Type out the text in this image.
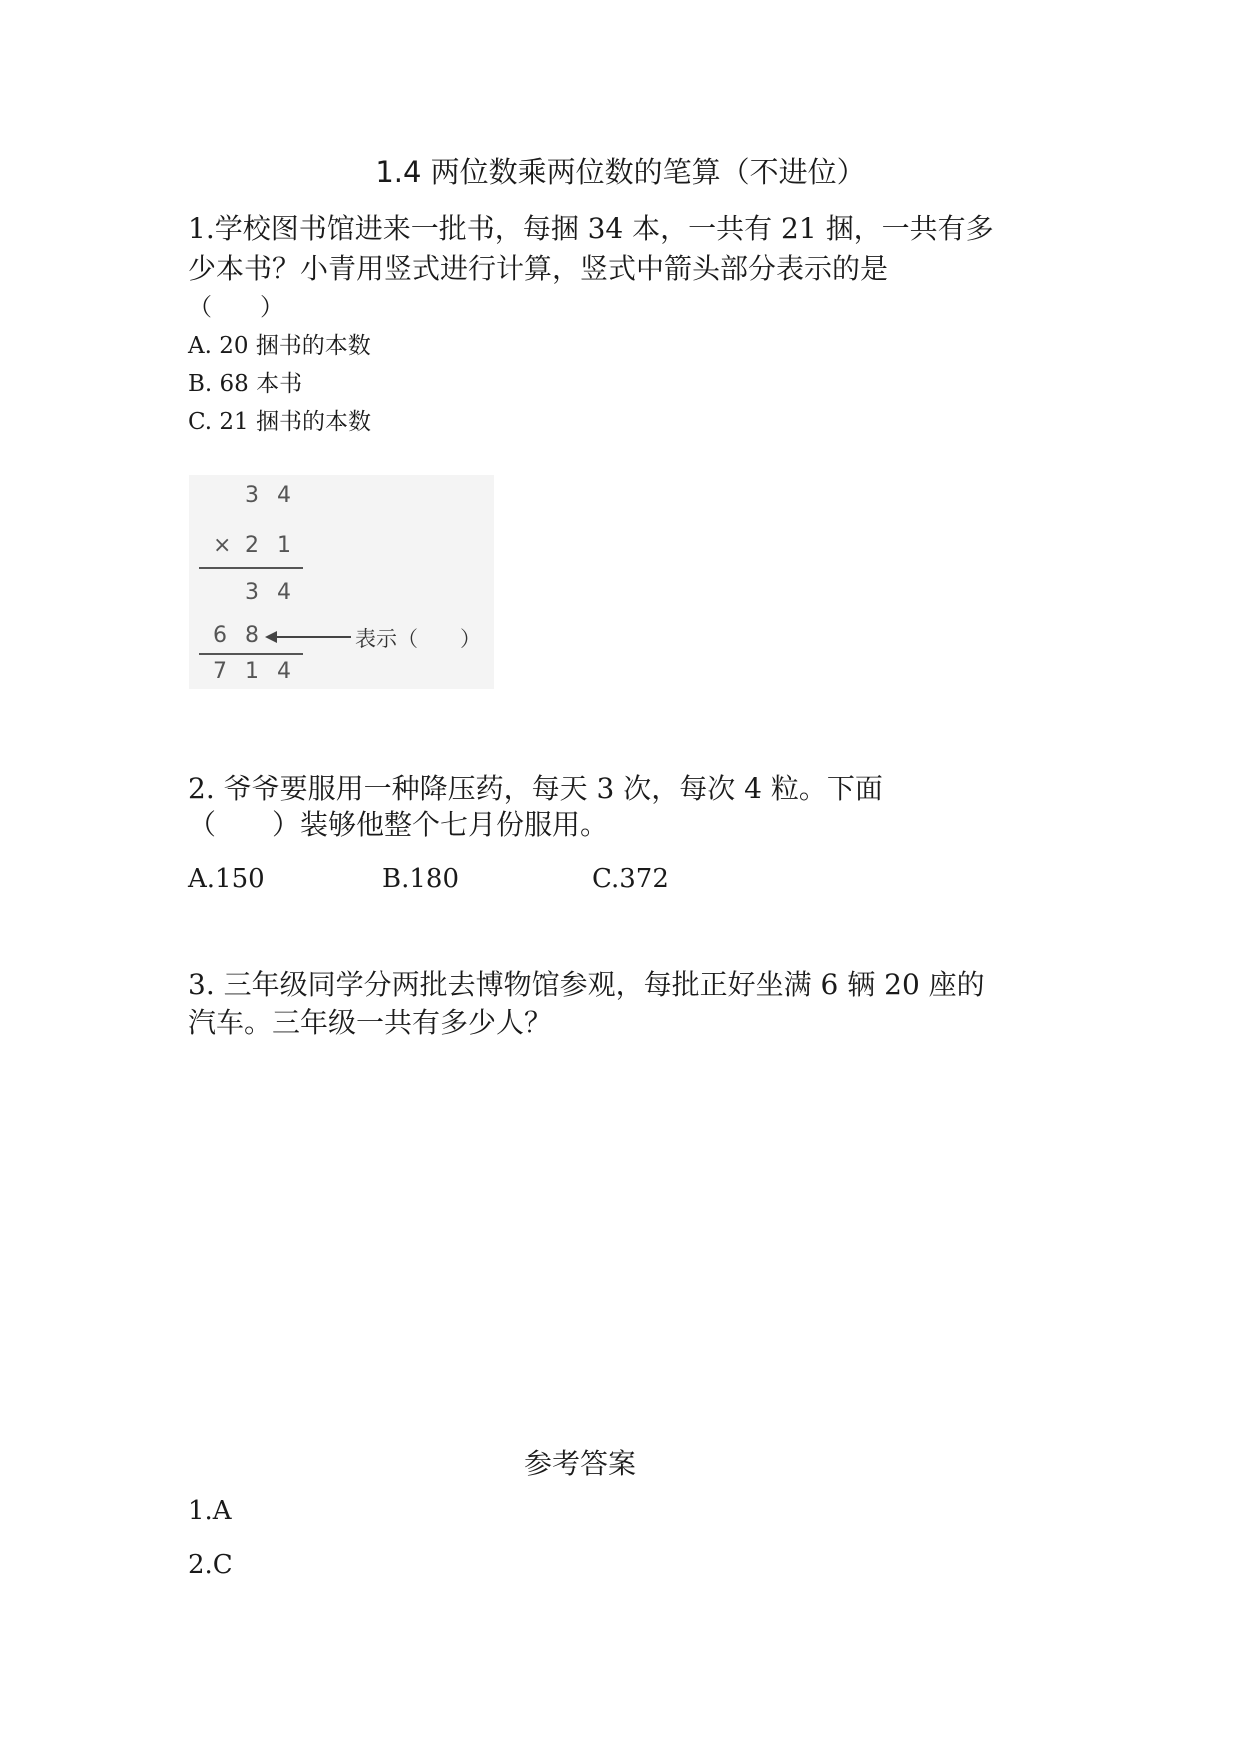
1.4 两位数乘两位数的笔算（不进位）
1.学校图书馆进来一批书，每捆 34 本，一共有 21 捆，一共有多
少本书？小青用竖式进行计算，竖式中箭头部分表示的是
（　　）
A. 20 捆书的本数
B. 68 本书
C. 21 捆书的本数
3 4
× 2 1
3 4
6 8	表示（　　）
7 1 4
2. 爷爷要服用一种降压药，每天 3 次，每次 4 粒。下面
（　　）装够他整个七月份服用。
A.150	B.180	C.372
3. 三年级同学分两批去博物馆参观，每批正好坐满 6 辆 20 座的
汽车。三年级一共有多少人？
参考答案
1.A
2.C
